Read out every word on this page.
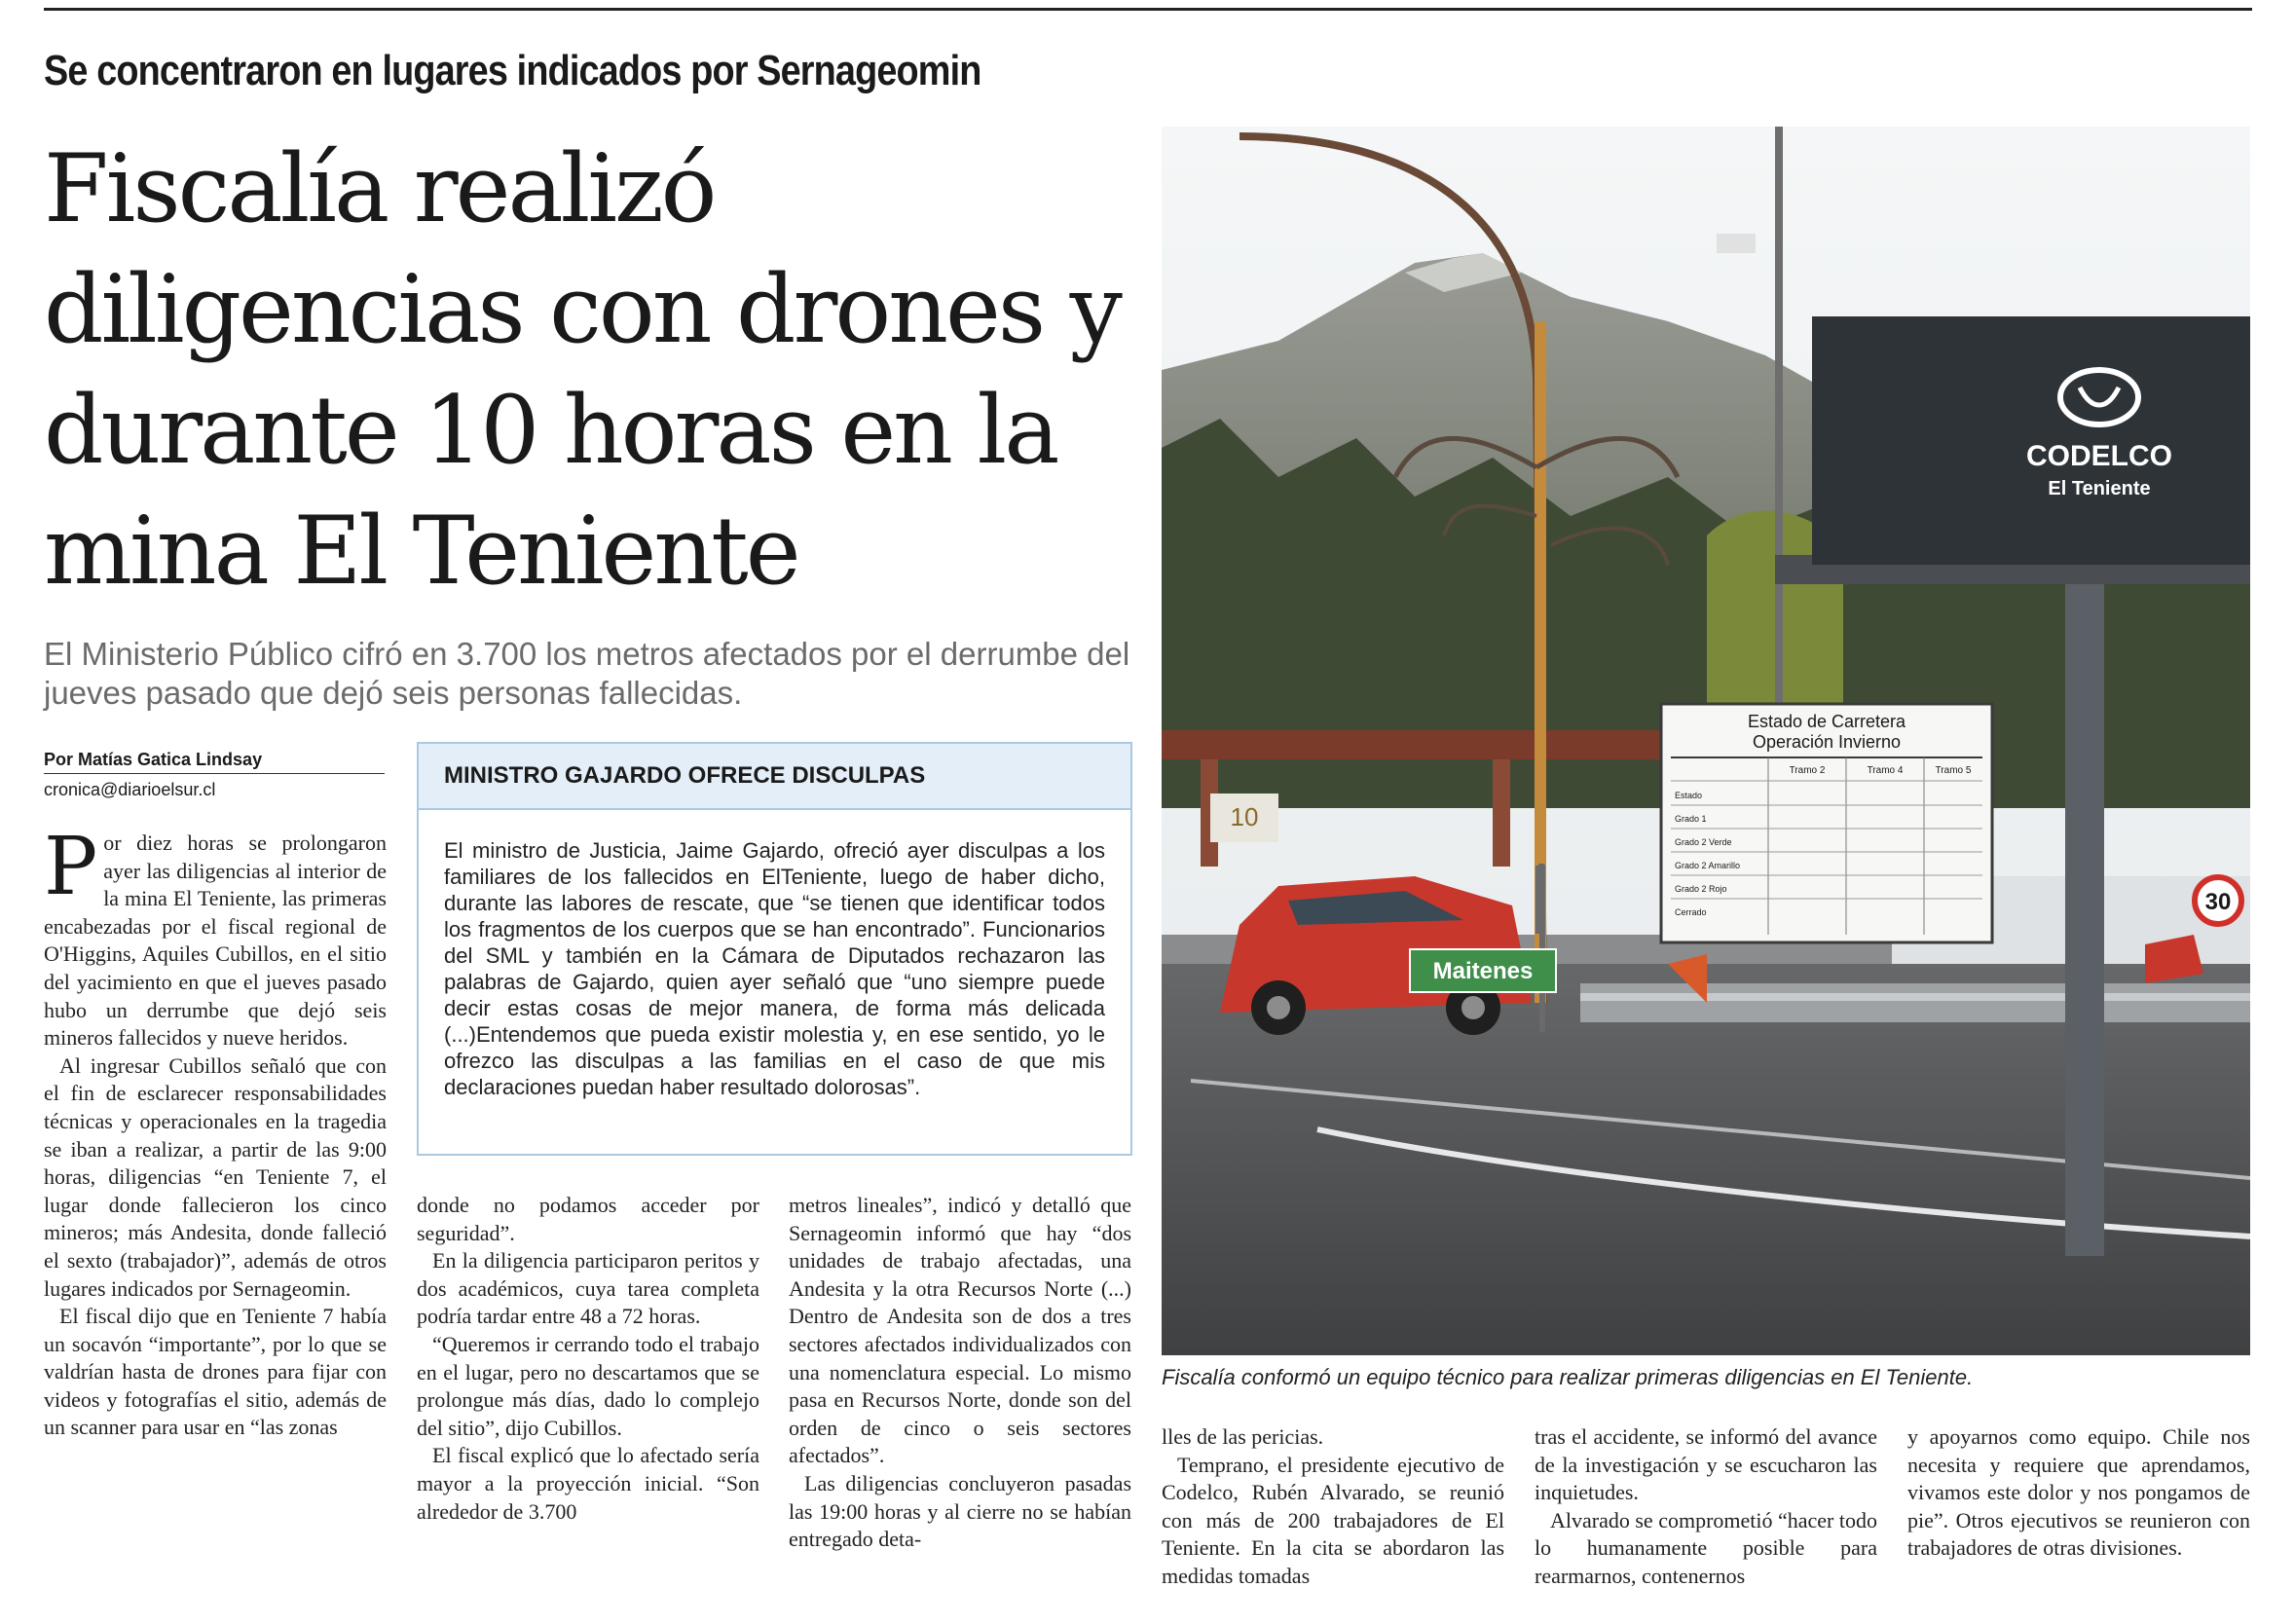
Se concentraron en lugares indicados por Sernageomin
Fiscalía realizó diligencias con drones y durante 10 horas en la mina El Teniente
El Ministerio Público cifró en 3.700 los metros afectados por el derrumbe del jueves pasado que dejó seis personas fallecidas.
Por Matías Gatica Lindsay
cronica@diarioelsur.cl

Por diez horas se prolongaron ayer las diligencias al interior de la mina El Teniente, las primeras encabezadas por el fiscal regional de O'Higgins, Aquiles Cubillos, en el sitio del yacimiento en que el jueves pasado hubo un derrumbe que dejó seis mineros fallecidos y nueve heridos.

Al ingresar Cubillos señaló que con el fin de esclarecer responsabilidades técnicas y operacionales en la tragedia se iban a realizar, a partir de las 9:00 horas, diligencias “en Teniente 7, el lugar donde fallecieron los cinco mineros; más Andesita, donde falleció el sexto (trabajador)”, además de otros lugares indicados por Sernageomin.

El fiscal dijo que en Teniente 7 había un socavón “importante”, por lo que se valdrían hasta de drones para fijar con videos y fotografías el sitio, además de un scanner para usar en “las zonas

MINISTRO GAJARDO OFRECE DISCULPAS
El ministro de Justicia, Jaime Gajardo, ofreció ayer disculpas a los familiares de los fallecidos en ElTeniente, luego de haber dicho, durante las labores de rescate, que “se tienen que identificar todos los fragmentos de los cuerpos que se han encontrado”. Funcionarios del SML y también en la Cámara de Diputados rechazaron las palabras de Gajardo, quien ayer señaló que “uno siempre puede decir estas cosas de mejor manera, de forma más delicada (...)Entendemos que pueda existir molestia y, en ese sentido, yo le ofrezco las disculpas a las familias en el caso de que mis declaraciones puedan haber resultado dolorosas”.

donde no podamos acceder por seguridad”.

En la diligencia participaron peritos y dos académicos, cuya tarea completa podría tardar entre 48 a 72 horas.

“Queremos ir cerrando todo el trabajo en el lugar, pero no descartamos que se prolongue más días, dado lo complejo del sitio”, dijo Cubillos.

El fiscal explicó que lo afectado sería mayor a la proyección inicial. “Son alrededor de 3.700

metros lineales”, indicó y detalló que Sernageomin informó que hay “dos unidades de trabajo afectadas, una Andesita y la otra Recursos Norte (...) Dentro de Andesita son de dos a tres sectores afectados individualizados con una nomenclatura especial. Lo mismo pasa en Recursos Norte, donde son del orden de cinco o seis sectores afectados”.

Las diligencias concluyeron pasadas las 19:00 horas y al cierre no se habían entregado deta-

10
CODELCO
El Teniente
Estado de Carretera
Operación Invierno
Tramo 2	Tramo 4	Tramo 5
Estado
Grado 1
Grado 2 Verde
Grado 2 Amarillo
Grado 2 Rojo
Cerrado
Maitenes
30
Fiscalía conformó un equipo técnico para realizar primeras diligencias en El Teniente.

lles de las pericias.

Temprano, el presidente ejecutivo de Codelco, Rubén Alvarado, se reunió con más de 200 trabajadores de El Teniente. En la cita se abordaron las medidas tomadas

tras el accidente, se informó del avance de la investigación y se escucharon las inquietudes.

Alvarado se comprometió “hacer todo lo humanamente posible para rearmarnos, contenernos

y apoyarnos como equipo. Chile nos necesita y requiere que aprendamos, vivamos este dolor y nos pongamos de pie”. Otros ejecutivos se reunieron con trabajadores de otras divisiones.
